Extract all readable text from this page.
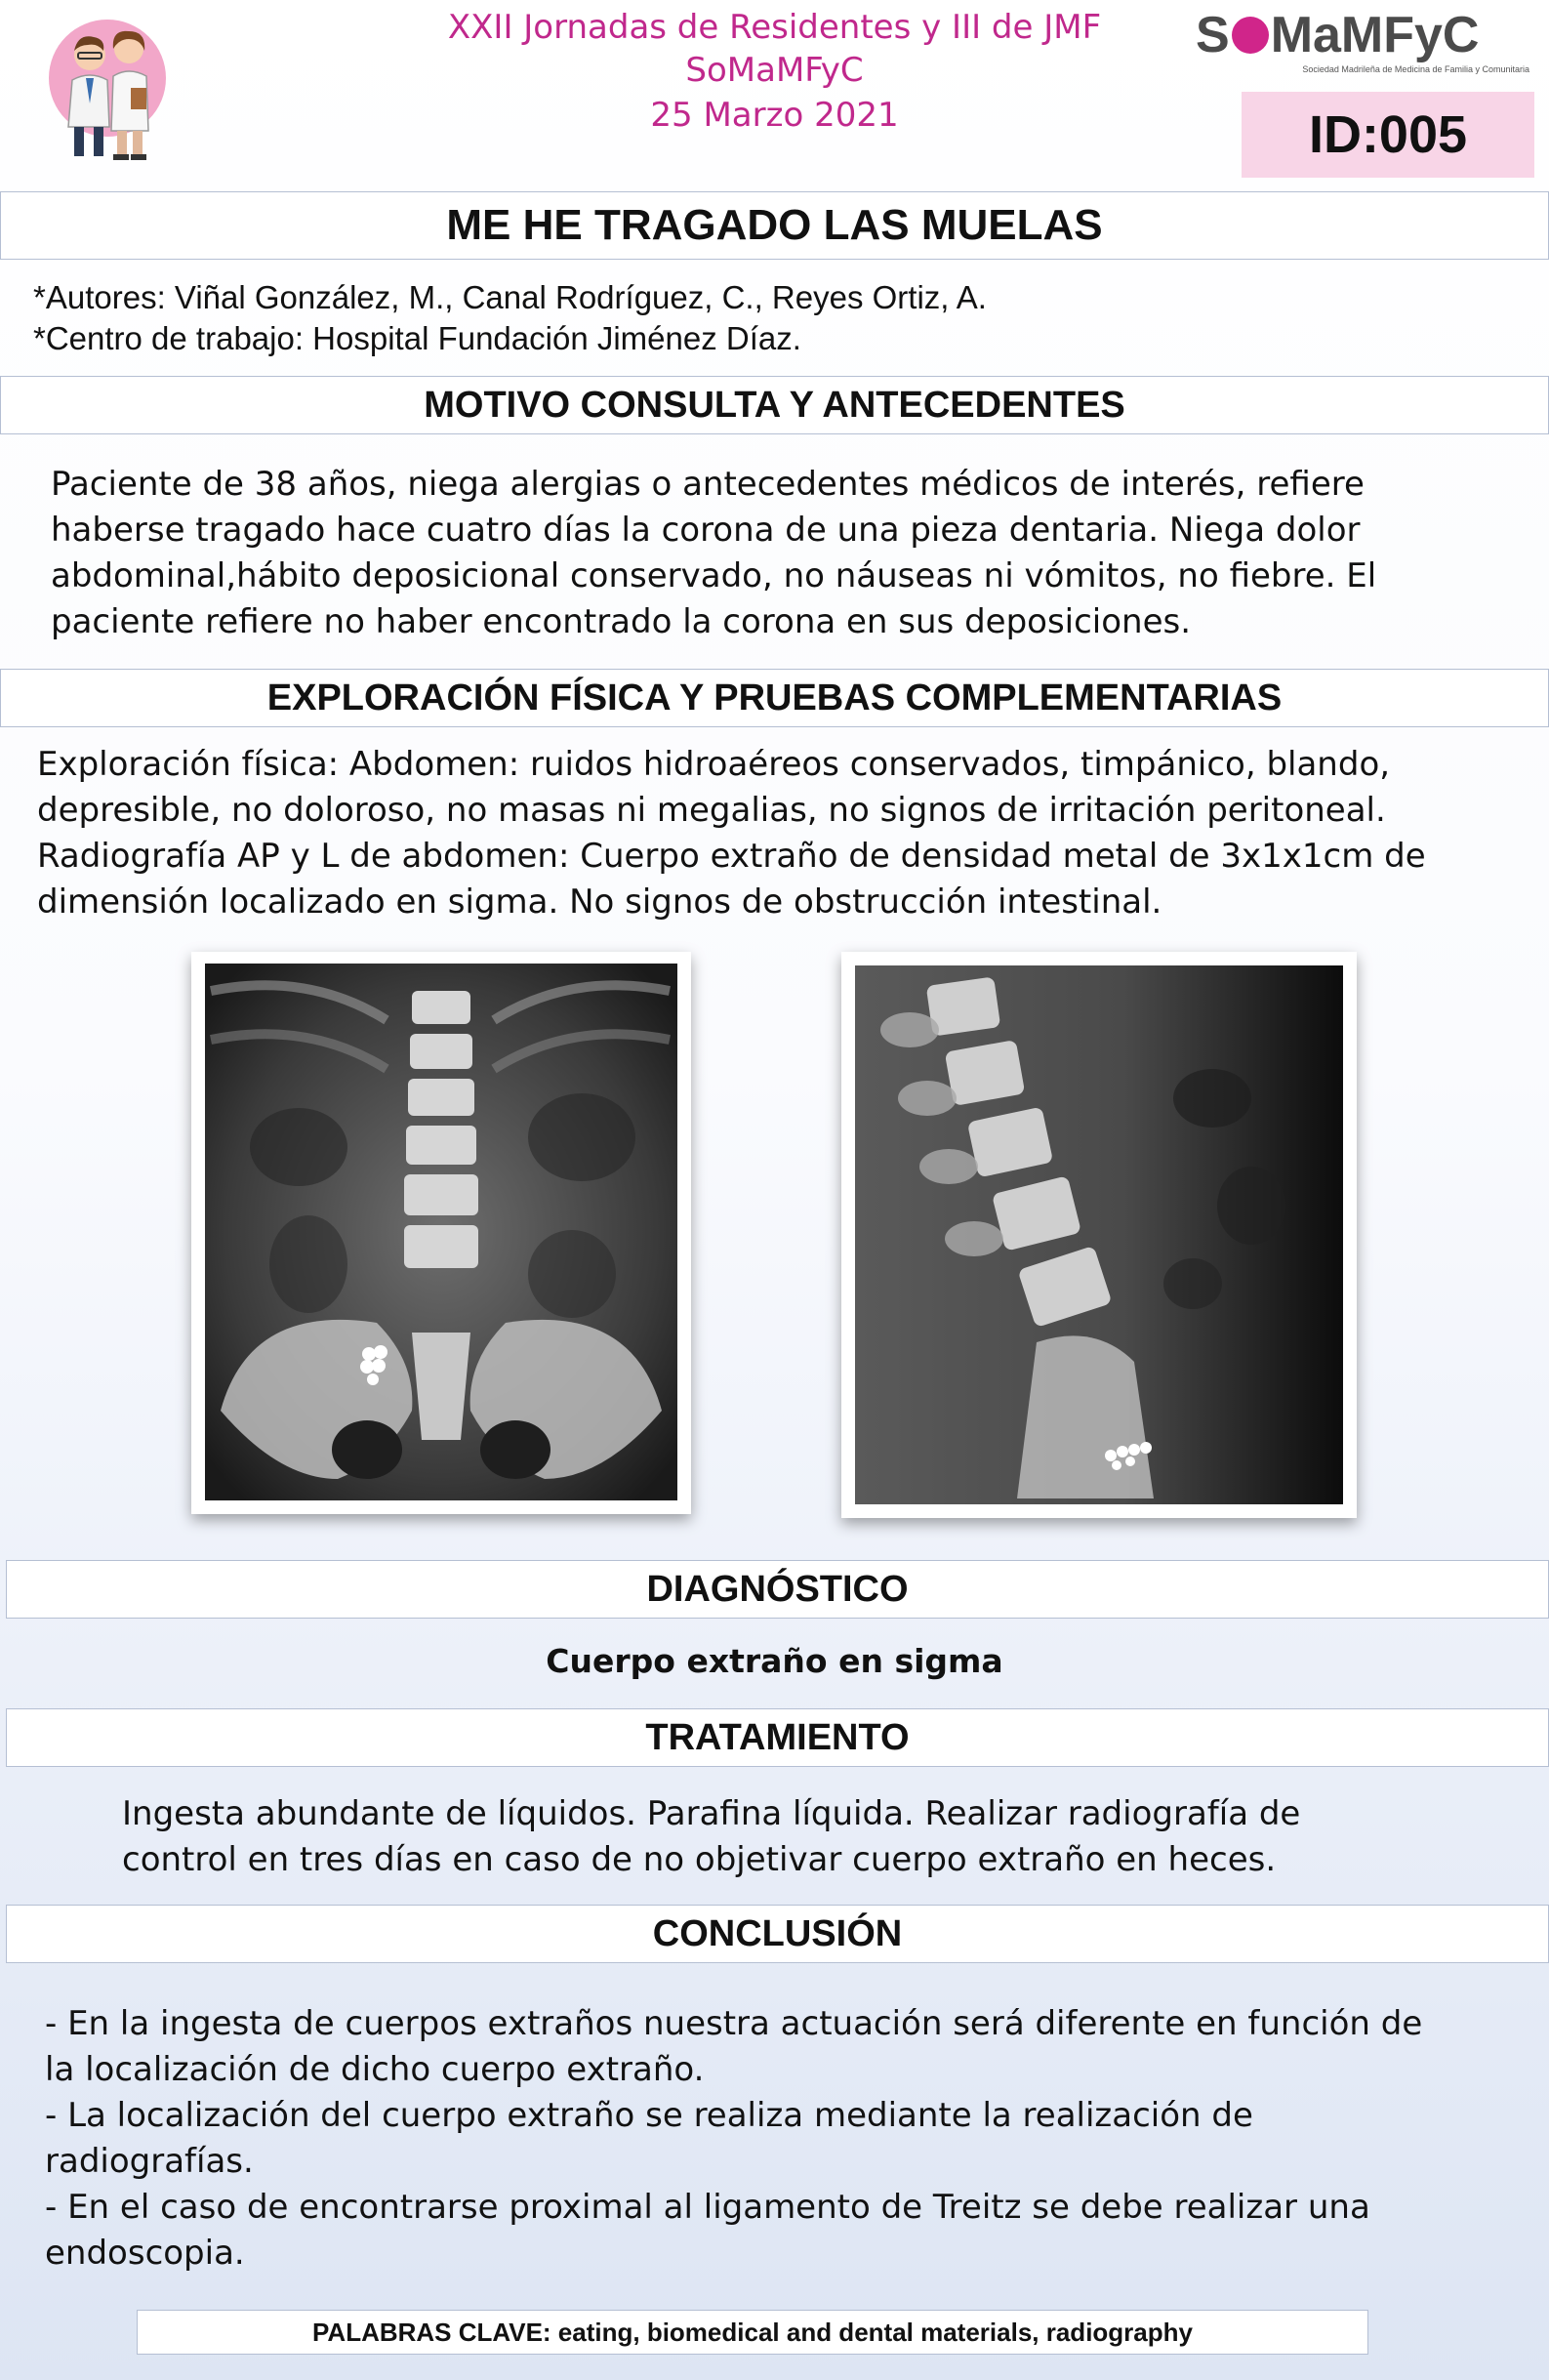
XXII Jornadas de Residentes y III de JMF
SoMaMFyC
25 Marzo 2021
S MaMFyC
Sociedad Madrileña de Medicina de Familia y Comunitaria
ID:005
ME HE TRAGADO LAS MUELAS
*Autores: Viñal González, M., Canal Rodríguez, C., Reyes Ortiz, A.
*Centro de trabajo: Hospital Fundación Jiménez Díaz.
MOTIVO CONSULTA Y ANTECEDENTES
Paciente de 38 años, niega alergias o antecedentes médicos de interés, refiere
haberse tragado hace cuatro días la corona de una pieza dentaria. Niega dolor
abdominal,hábito deposicional conservado, no náuseas ni vómitos, no fiebre. El
paciente refiere no haber encontrado la corona en sus deposiciones.
EXPLORACIÓN FÍSICA Y PRUEBAS COMPLEMENTARIAS
Exploración física: Abdomen: ruidos hidroaéreos conservados, timpánico, blando,
depresible, no doloroso, no masas ni megalias, no signos de irritación peritoneal.
Radiografía AP y L de abdomen: Cuerpo extraño de densidad metal de 3x1x1cm de
dimensión localizado en sigma. No signos de obstrucción intestinal.
DIAGNÓSTICO
Cuerpo extraño en sigma
TRATAMIENTO
Ingesta abundante de líquidos. Parafina líquida. Realizar radiografía de
control en tres días en caso de no objetivar cuerpo extraño en heces.
CONCLUSIÓN
- En la ingesta de cuerpos extraños nuestra actuación será diferente en función de
la localización de dicho cuerpo extraño.
- La localización del cuerpo extraño se realiza mediante la realización de
radiografías.
- En el caso de encontrarse proximal al ligamento de Treitz se debe realizar una
endoscopia.
PALABRAS CLAVE: eating, biomedical and dental materials, radiography
